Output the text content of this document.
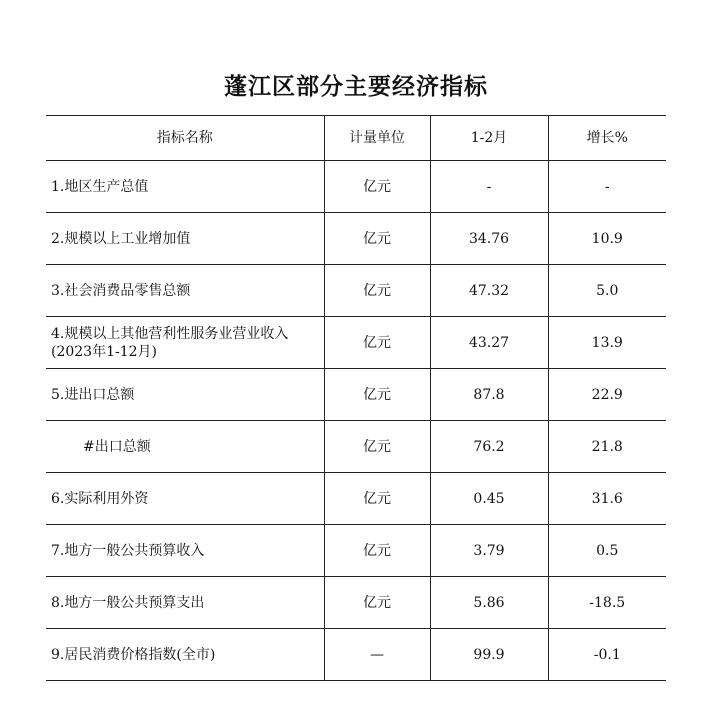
蓬江区部分主要经济指标
指标名称	计量单位	1-2月	增长%
1.地区生产总值	亿元	-	-
2.规模以上工业增加值	亿元	34.76	10.9
3.社会消费品零售总额	亿元	47.32	5.0
4.规模以上其他营利性服务业营业收入(2023年1-12月)	亿元	43.27	13.9
5.进出口总额	亿元	87.8	22.9
#出口总额	亿元	76.2	21.8
6.实际利用外资	亿元	0.45	31.6
7.地方一般公共预算收入	亿元	3.79	0.5
8.地方一般公共预算支出	亿元	5.86	-18.5
9.居民消费价格指数(全市)	—	99.9	-0.1
